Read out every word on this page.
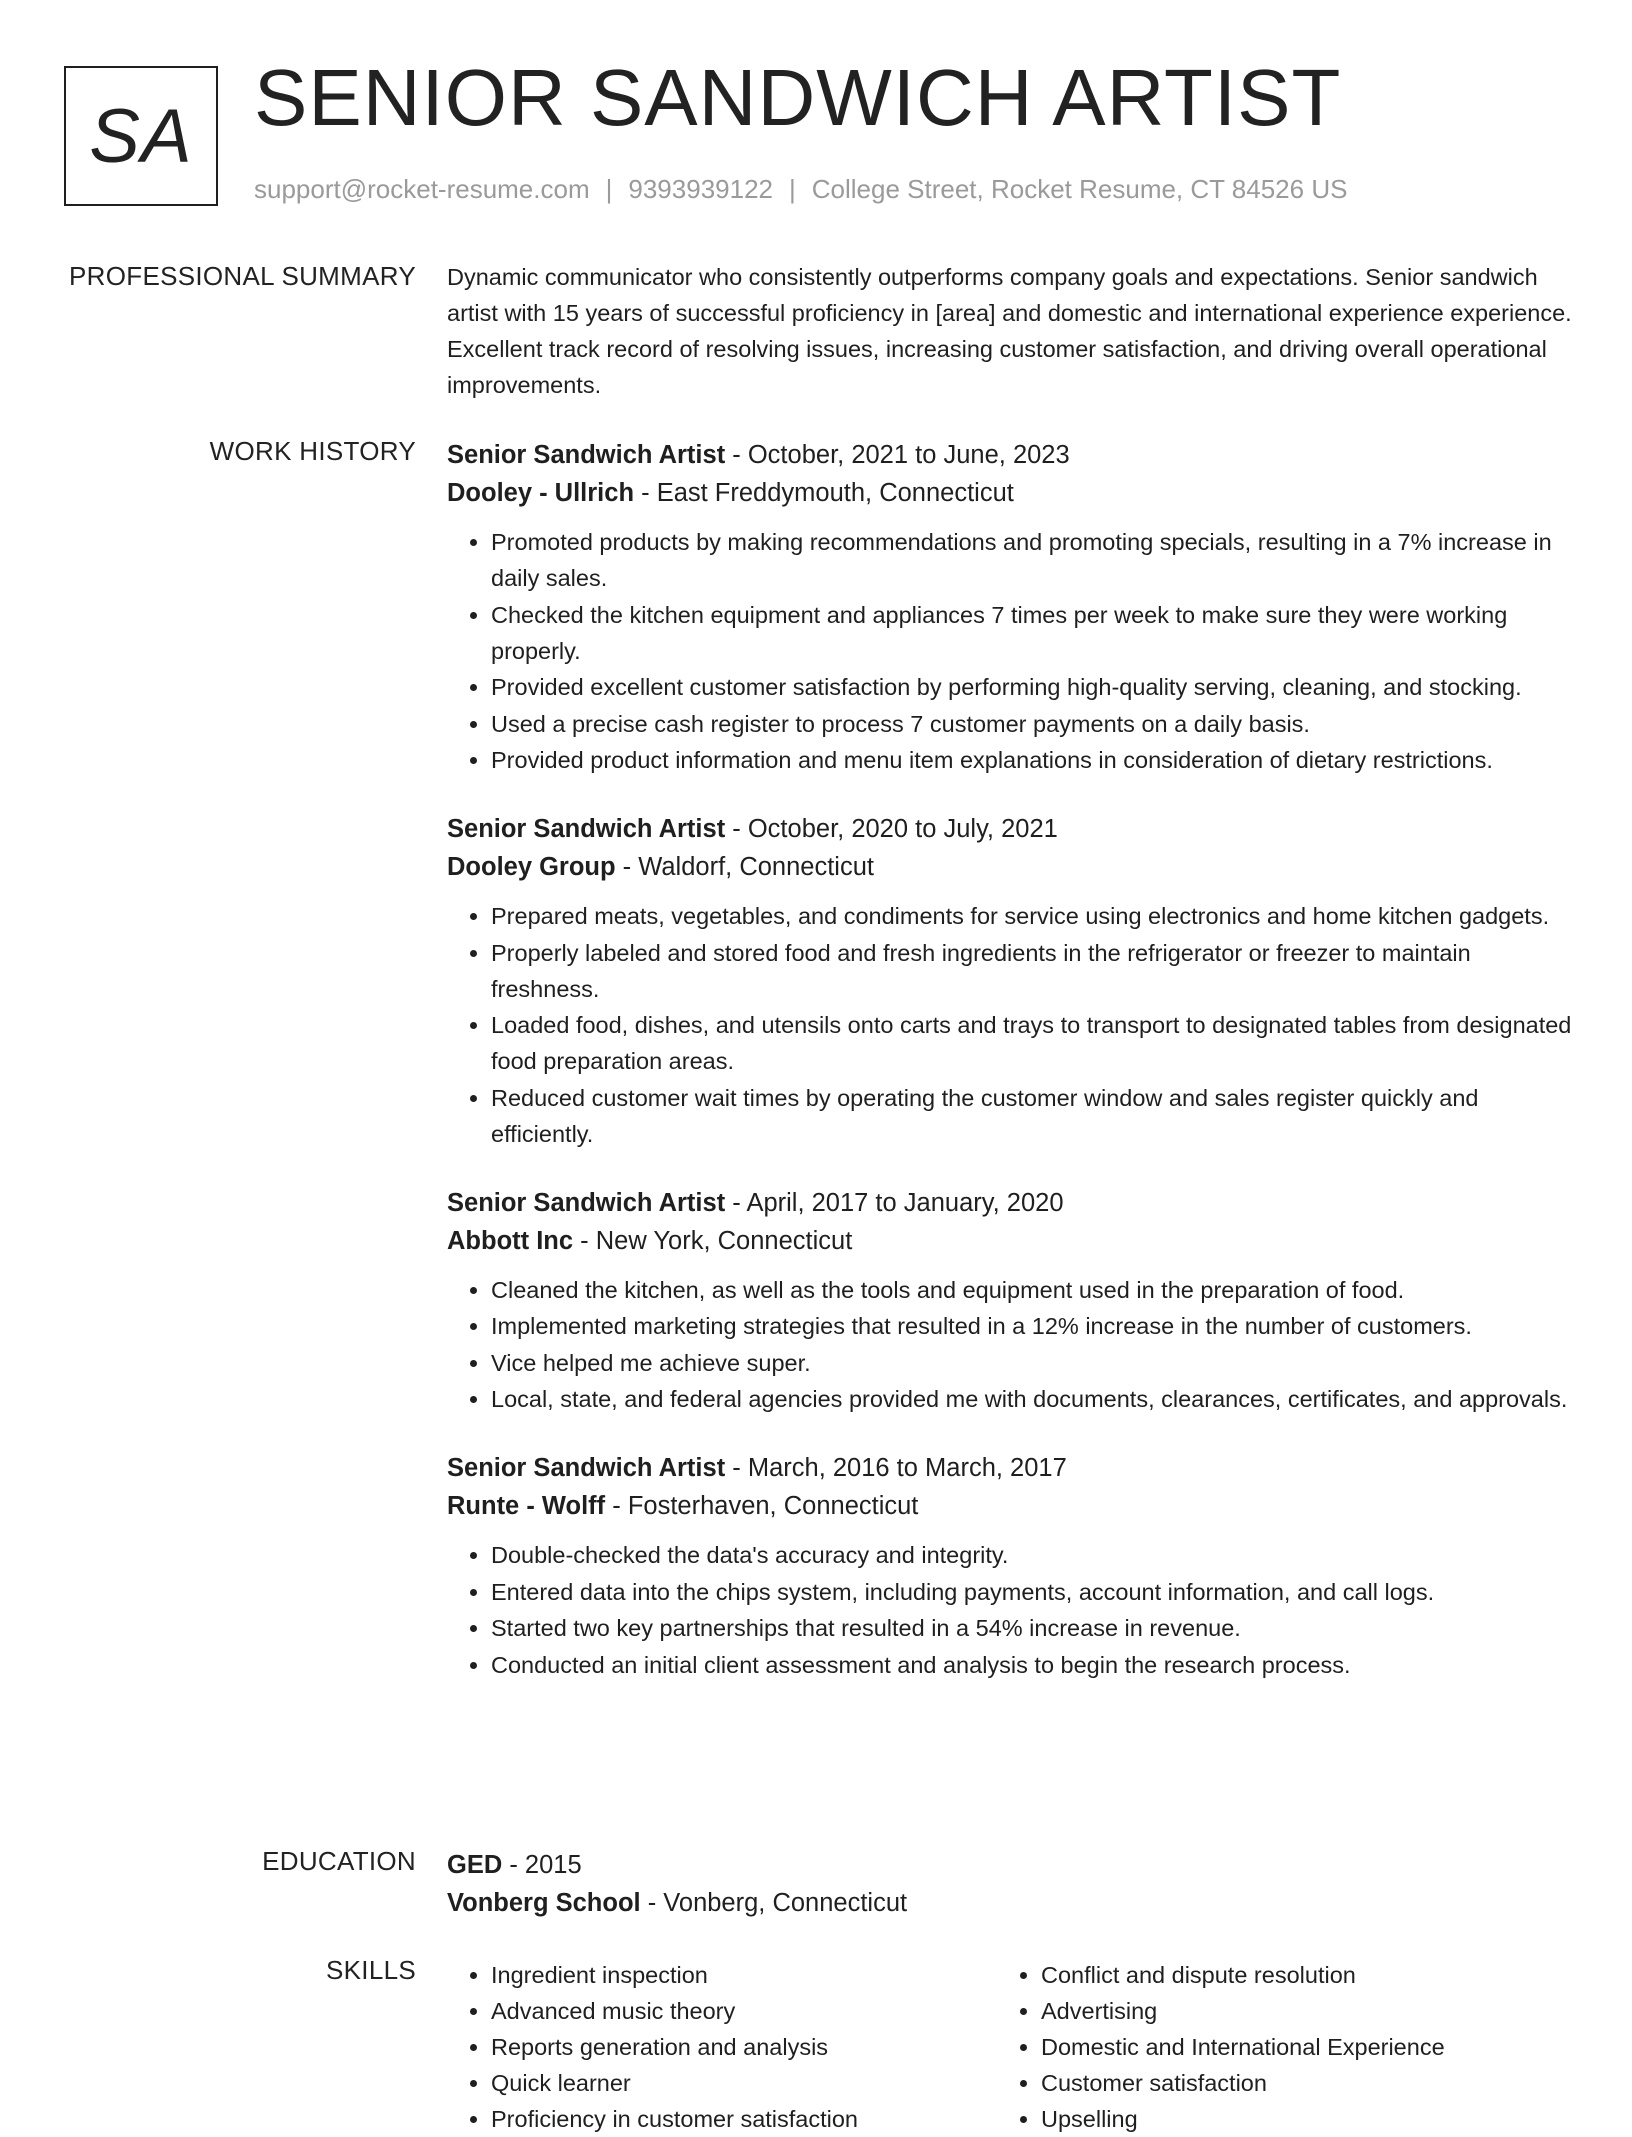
SA SENIOR SANDWICH ARTIST
support@rocket-resume.com | 9393939122 | College Street, Rocket Resume, CT 84526 US
PROFESSIONAL SUMMARY Dynamic communicator who consistently outperforms company goals and expectations. Senior sandwich artist with 15 years of successful proficiency in [area] and domestic and international experience experience. Excellent track record of resolving issues, increasing customer satisfaction, and driving overall operational improvements.

WORK HISTORY Senior Sandwich Artist - October, 2021 to June, 2023
Dooley - Ullrich - East Freddymouth, Connecticut
• Promoted products by making recommendations and promoting specials, resulting in a 7% increase in daily sales.
• Checked the kitchen equipment and appliances 7 times per week to make sure they were working properly.
• Provided excellent customer satisfaction by performing high-quality serving, cleaning, and stocking.
• Used a precise cash register to process 7 customer payments on a daily basis.
• Provided product information and menu item explanations in consideration of dietary restrictions.
Senior Sandwich Artist - October, 2020 to July, 2021
Dooley Group - Waldorf, Connecticut
• Prepared meats, vegetables, and condiments for service using electronics and home kitchen gadgets.
• Properly labeled and stored food and fresh ingredients in the refrigerator or freezer to maintain freshness.
• Loaded food, dishes, and utensils onto carts and trays to transport to designated tables from designated food preparation areas.
• Reduced customer wait times by operating the customer window and sales register quickly and efficiently.
Senior Sandwich Artist - April, 2017 to January, 2020
Abbott Inc - New York, Connecticut
• Cleaned the kitchen, as well as the tools and equipment used in the preparation of food.
• Implemented marketing strategies that resulted in a 12% increase in the number of customers.
• Vice helped me achieve super.
• Local, state, and federal agencies provided me with documents, clearances, certificates, and approvals.
Senior Sandwich Artist - March, 2016 to March, 2017
Runte - Wolff - Fosterhaven, Connecticut
• Double-checked the data's accuracy and integrity.
• Entered data into the chips system, including payments, account information, and call logs.
• Started two key partnerships that resulted in a 54% increase in revenue.
• Conducted an initial client assessment and analysis to begin the research process.
EDUCATION GED - 2015
Vonberg School - Vonberg, Connecticut
SKILLS
•	Ingredient inspection
• Advanced music theory
• Reports generation and analysis
• Quick learner
• Proficiency in customer satisfaction
• Conflict and dispute resolution
• Advertising
• Domestic and International Experience
• Customer satisfaction
• Upselling
